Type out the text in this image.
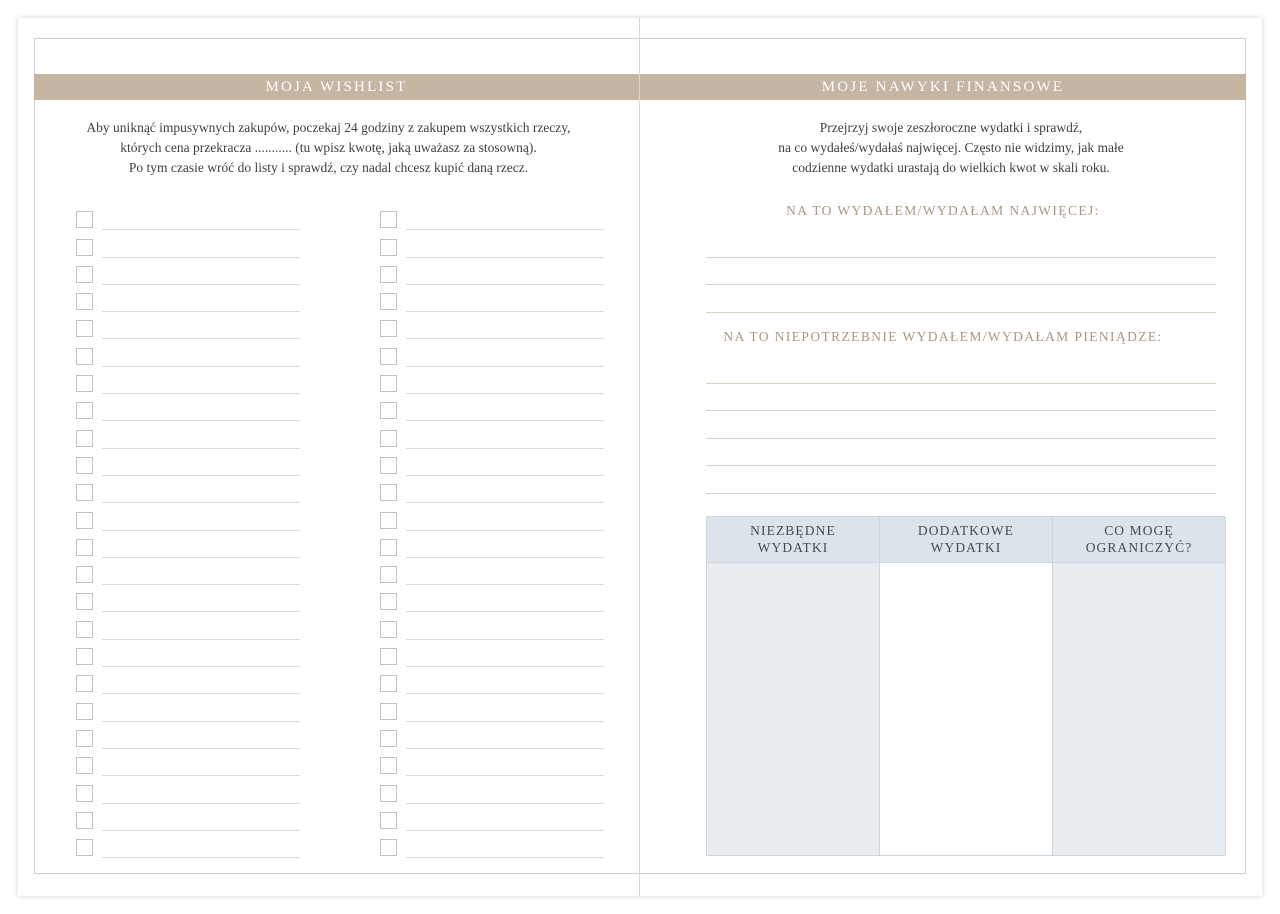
MOJA WISHLIST
Aby uniknąć impusywnych zakupów, poczekaj 24 godziny z zakupem wszystkich rzeczy,
których cena przekracza ........... (tu wpisz kwotę, jaką uważasz za stosowną).
Po tym czasie wróć do listy i sprawdź, czy nadal chcesz kupić daną rzecz.
MOJE NAWYKI FINANSOWE
Przejrzyj swoje zeszłoroczne wydatki i sprawdź,
na co wydałeś/wydałaś najwięcej. Często nie widzimy, jak małe
codzienne wydatki urastają do wielkich kwot w skali roku.
NA TO WYDAŁEM/WYDAŁAM NAJWIĘCEJ:
NA TO NIEPOTRZEBNIE WYDAŁEM/WYDAŁAM PIENIĄDZE:
NIEZBĘDNE
WYDATKI
DODATKOWE
WYDATKI
CO MOGĘ
OGRANICZYĆ?
